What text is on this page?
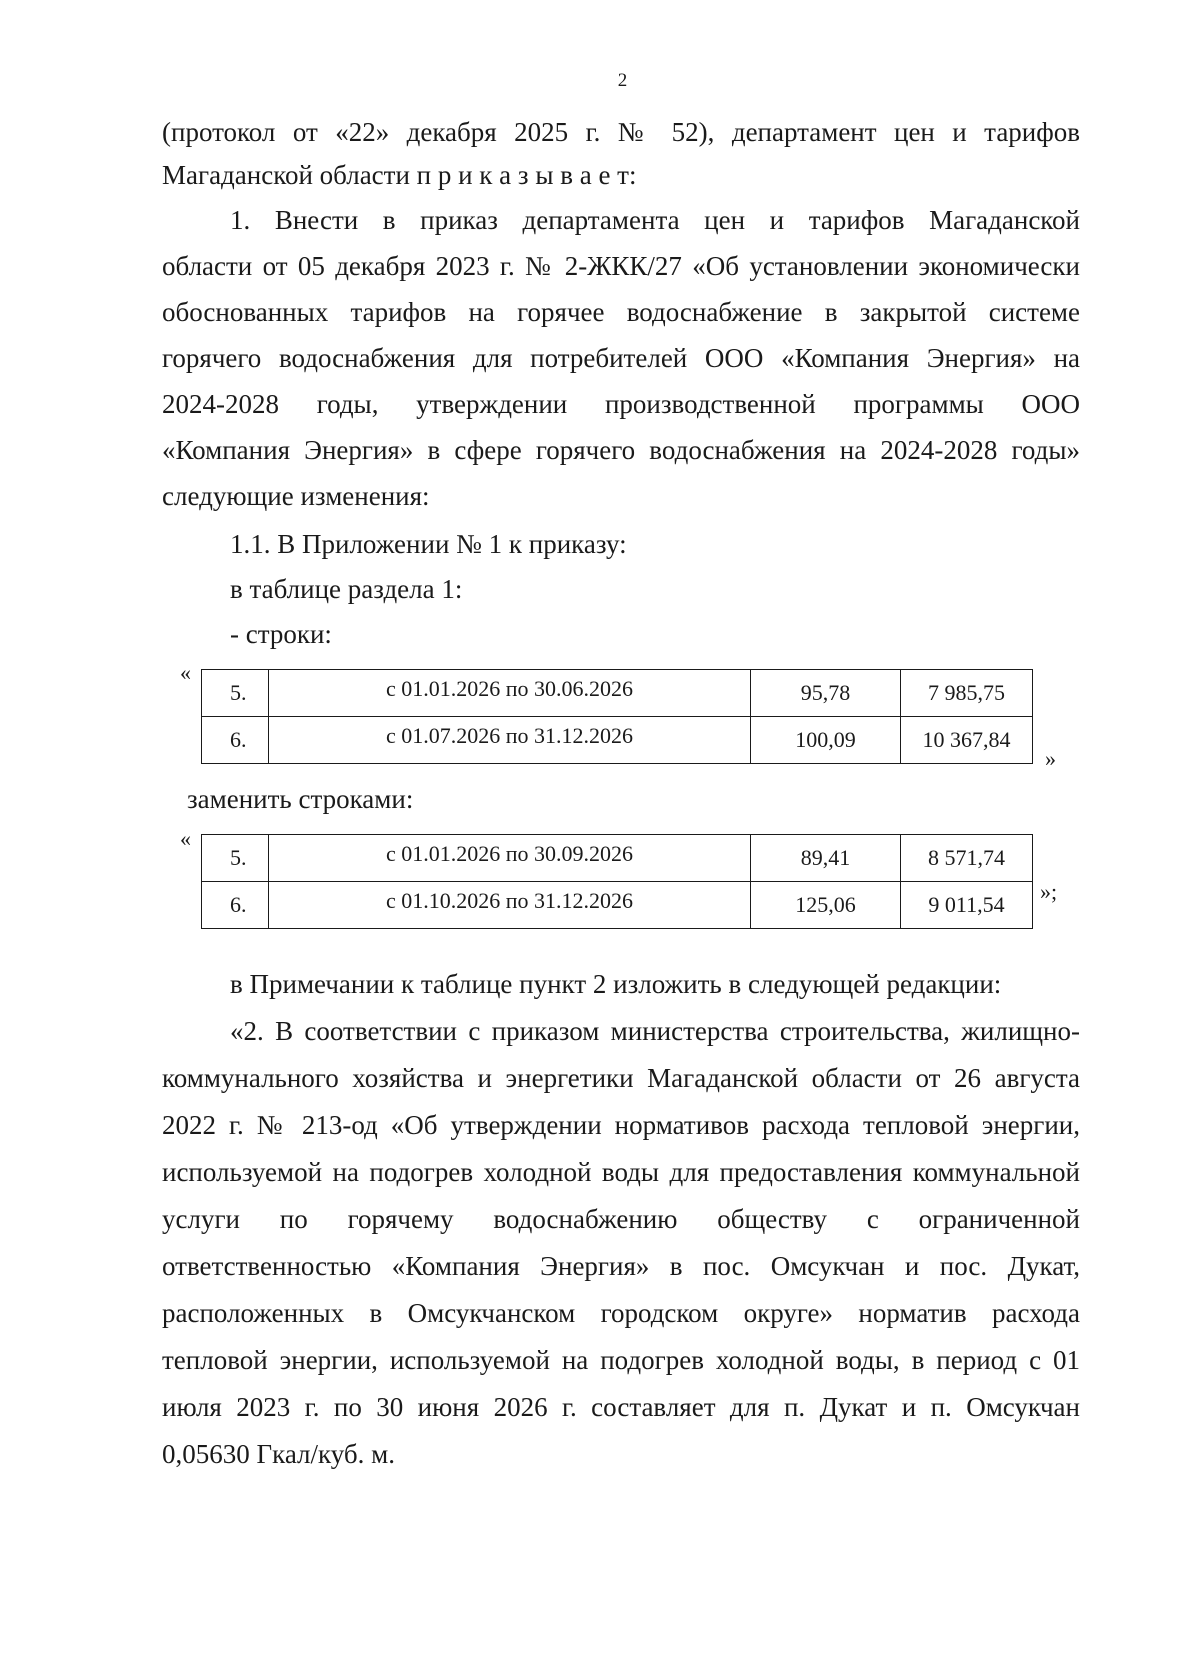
2
(протокол от «22» декабря 2025 г. № 52), департамент цен и тарифов
Магаданской области п р и к а з ы в а е т:
1. Внести в приказ департамента цен и тарифов Магаданской
области от 05 декабря 2023 г. № 2-ЖКК/27 «Об установлении экономически
обоснованных тарифов на горячее водоснабжение в закрытой системе
горячего водоснабжения для потребителей ООО «Компания Энергия» на
2024-2028 годы, утверждении производственной программы ООО
«Компания Энергия» в сфере горячего водоснабжения на 2024-2028 годы»
следующие изменения:
1.1. В Приложении № 1 к приказу:
в таблице раздела 1:
- строки:
«
5.	с 01.01.2026 по 30.06.2026	95,78	7 985,75
6.	с 01.07.2026 по 31.12.2026	100,09	10 367,84
»
заменить строками:
«
5.	с 01.01.2026 по 30.09.2026	89,41	8 571,74
6.	с 01.10.2026 по 31.12.2026	125,06	9 011,54
»;
в Примечании к таблице пункт 2 изложить в следующей редакции:
«2. В соответствии с приказом министерства строительства, жилищно-
коммунального хозяйства и энергетики Магаданской области от 26 августа
2022 г. № 213-од «Об утверждении нормативов расхода тепловой энергии,
используемой на подогрев холодной воды для предоставления коммунальной
услуги по горячему водоснабжению обществу с ограниченной
ответственностью «Компания Энергия» в пос. Омсукчан и пос. Дукат,
расположенных в Омсукчанском городском округе» норматив расхода
тепловой энергии, используемой на подогрев холодной воды, в период с 01
июля 2023 г. по 30 июня 2026 г. составляет для п. Дукат и п. Омсукчан
0,05630 Гкал/куб. м.
